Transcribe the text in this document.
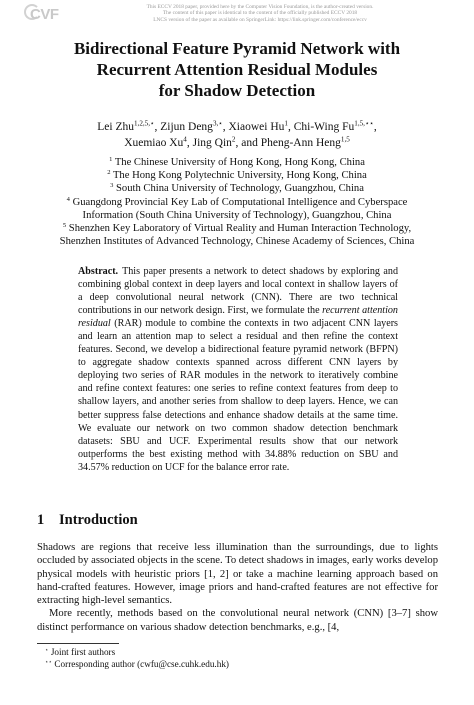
CVF	This ECCV 2018 paper, provided here by the Computer Vision Foundation, is the author-created version.
The content of this paper is identical to the content of the officially published ECCV 2018
LNCS version of the paper as available on SpringerLink: https://link.springer.com/conference/eccv
Bidirectional Feature Pyramid Network with
Recurrent Attention Residual Modules
for Shadow Detection
Lei Zhu$^{1,2,5,⋆}$, Zijun Deng$^{3,⋆}$, Xiaowei Hu$^1$, Chi-Wing $Fu^{1,5,⋆⋆}$,
Xuemiao Xu$^4$, Jing Qin$^2$, and Pheng-Ann Heng$^{1,5}$
$^1$ The Chinese University of Hong Kong, Hong Kong, China
$^2$ The Hong Kong Polytechnic University, Hong Kong, China
$^3$ South China University of Technology, Guangzhou, China
$^4$ Guangdong Provincial Key Lab of Computational Intelligence and Cyberspace
Information (South China University of Technology), Guangzhou, China
$^5$ Shenzhen Key Laboratory of Virtual Reality and Human Interaction Technology,
Shenzhen Institutes of Advanced Technology, Chinese Academy of Sciences, China
Abstract. This paper presents a network to detect shadows by exploring and combining global context in deep layers and local context in shallow layers of a deep convolutional neural network (CNN). There are two technical contributions in our network design. First, we formulate the recurrent attention residual (RAR) module to combine the contexts in two adjacent CNN layers and learn an attention map to select a residual and then refine the context features. Second, we develop a bidirectional feature pyramid network (BFPN) to aggregate shadow contexts spanned across different CNN layers by deploying two series of RAR modules in the network to iteratively combine and refine context features: one series to refine context features from deep to shallow layers, and another series from shallow to deep layers. Hence, we can better suppress false detections and enhance shadow details at the same time. We evaluate our network on two common shadow detection benchmark datasets: SBU and UCF. Experimental results show that our network outperforms the best existing method with 34.88% reduction on SBU and 34.57% reduction on UCF for the balance error rate.
1 Introduction

Shadows are regions that receive less illumination than the surroundings, due to lights occluded by associated objects in the scene. To detect shadows in images, early works develop physical models with heuristic priors [1, 2] or take a machine learning approach based on hand-crafted features. However, image priors and hand-crafted features are not effective for extracting high-level semantics.

More recently, methods based on the convolutional neural network (CNN) [3–7] show distinct performance on various shadow detection benchmarks, e.g., [4,

⋆ Joint first authors
⋆⋆ Corresponding author (cwfu@cse.cuhk.edu.hk)
